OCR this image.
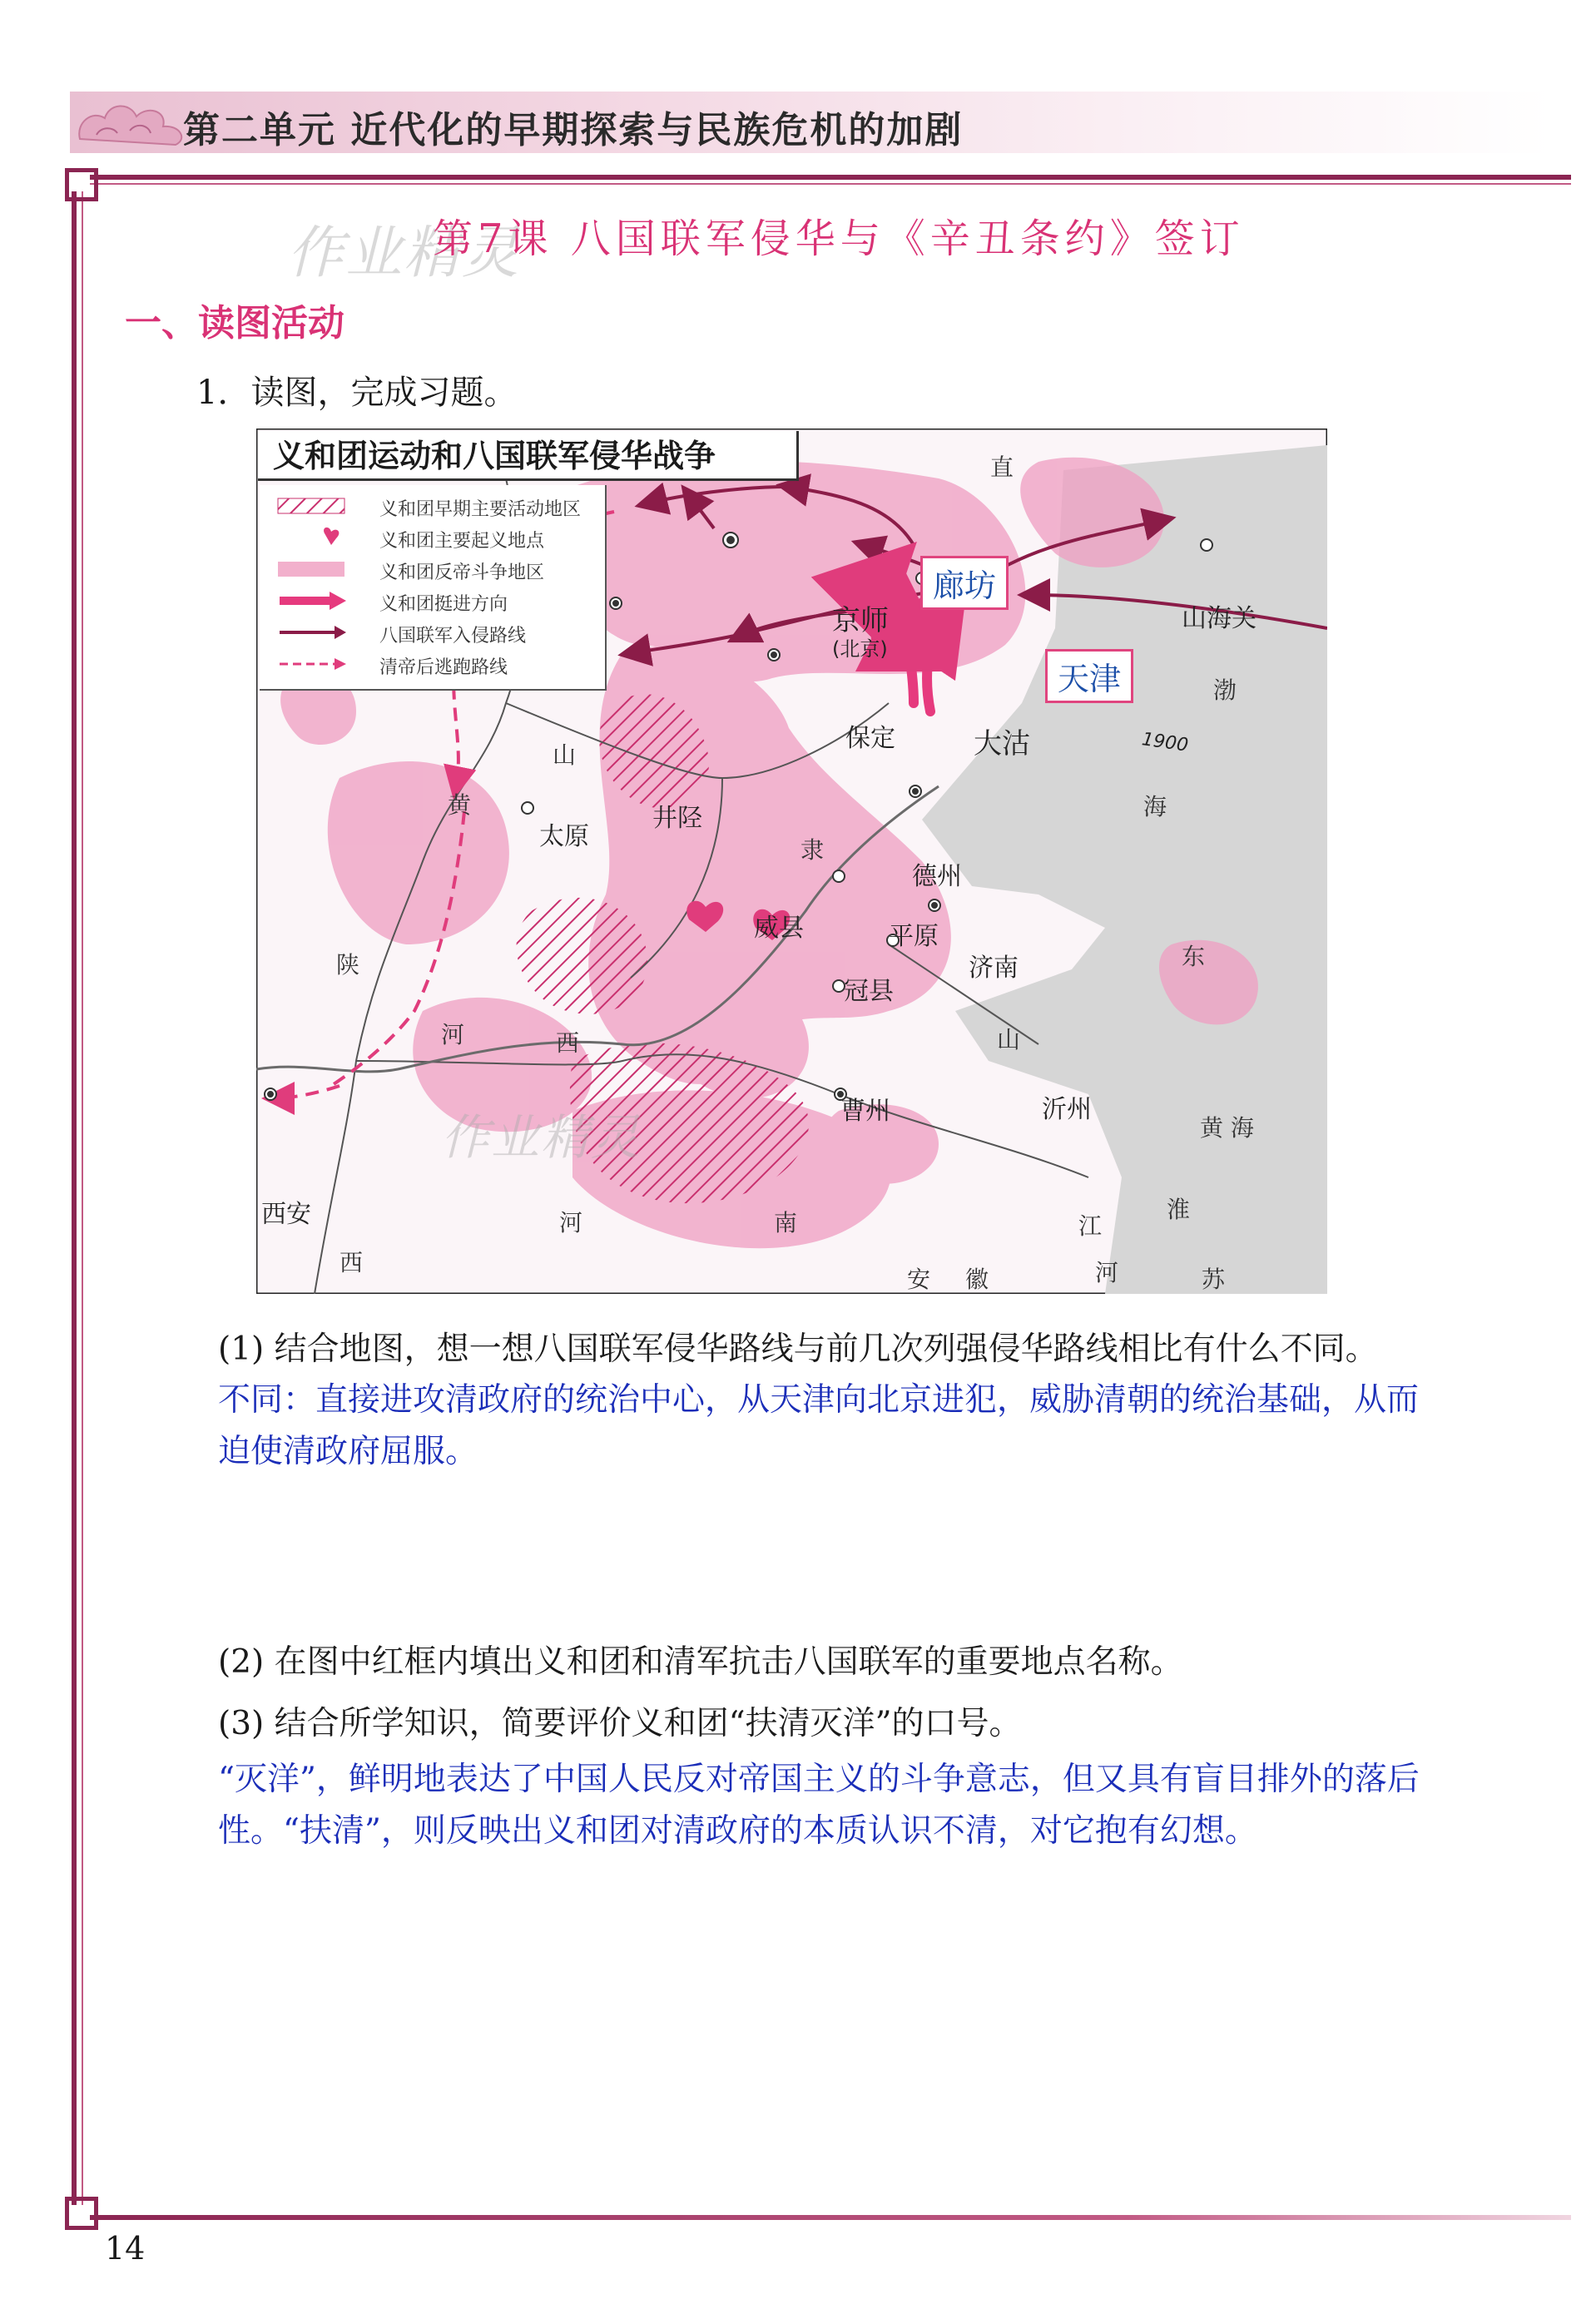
第二单元 近代化的早期探索与民族危机的加剧
作业精灵
第7课 八国联军侵华与《辛丑条约》签订
一、读图活动
1．读图，完成习题。
义和团运动和八国联军侵华战争
义和团早期主要活动地区
义和团主要起义地点
义和团反帝斗争地区
义和团挺进方向
八国联军入侵路线
清帝后逃跑路线
廊坊
天津
京师
(北京)
山海关
保定	大沽
井陉
太原
德州
威县	平原
济南
冠县
曹州	沂州
西安
直
隶
渤
海
山
西
黄
河
陕	东
山
河	南
安 徽
江
苏
淮
河
西
黄 海
1900
作业精灵
(1) 结合地图，想一想八国联军侵华路线与前几次列强侵华路线相比有什么不同。
不同：直接进攻清政府的统治中心，从天津向北京进犯，威胁清朝的统治基础，从而
迫使清政府屈服。
(2) 在图中红框内填出义和团和清军抗击八国联军的重要地点名称。
(3) 结合所学知识，简要评价义和团“扶清灭洋”的口号。
“灭洋”，鲜明地表达了中国人民反对帝国主义的斗争意志，但又具有盲目排外的落后
性。“扶清”，则反映出义和团对清政府的本质认识不清，对它抱有幻想。
14
